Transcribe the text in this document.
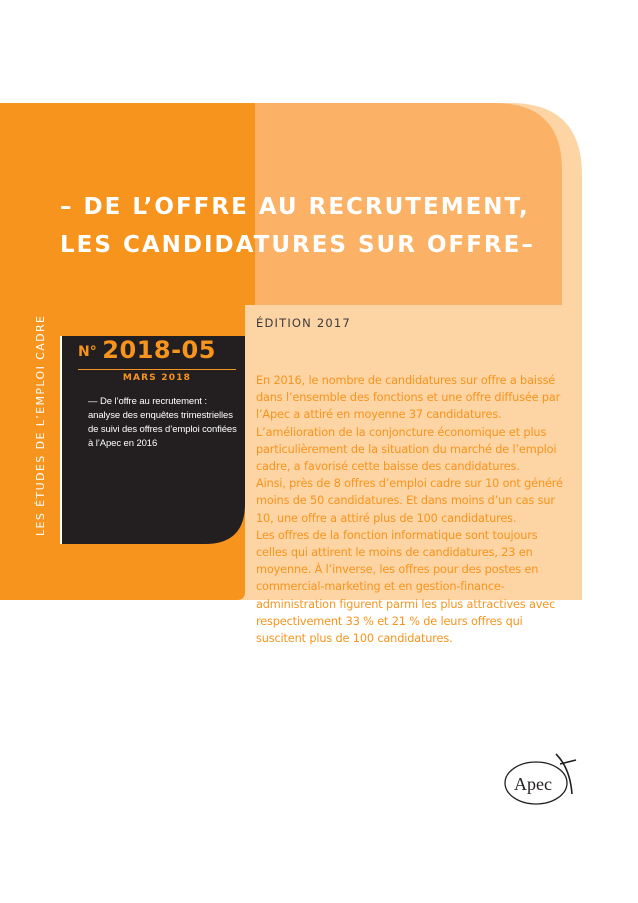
– DE L’OFFRE AU RECRUTEMENT,
LES CANDIDATURES SUR OFFRE–
LES ÉTUDES DE L’EMPLOI CADRE N° 2018-05
MARS 2018
— De l’offre au recrutement : analyse des enquêtes trimestrielles de suivi des offres d’emploi confiées à l’Apec en 2016
ÉDITION 2017

En 2016, le nombre de candidatures sur offre a baissé dans l’ensemble des fonctions et une offre diffusée par l’Apec a attiré en moyenne 37 candidatures. L’amélioration de la conjoncture économique et plus particulièrement de la situation du marché de l’emploi cadre, a favorisé cette baisse des candidatures.

Ainsi, près de 8 offres d’emploi cadre sur 10 ont généré moins de 50 candidatures. Et dans moins d’un cas sur 10, une offre a attiré plus de 100 candidatures.

Les offres de la fonction informatique sont toujours celles qui attirent le moins de candidatures, 23 en moyenne. À l’inverse, les offres pour des postes en commercial-marketing et en gestion-finance-administration figurent parmi les plus attractives avec respectivement 33 % et 21 % de leurs offres qui suscitent plus de 100 candidatures.

Apec
